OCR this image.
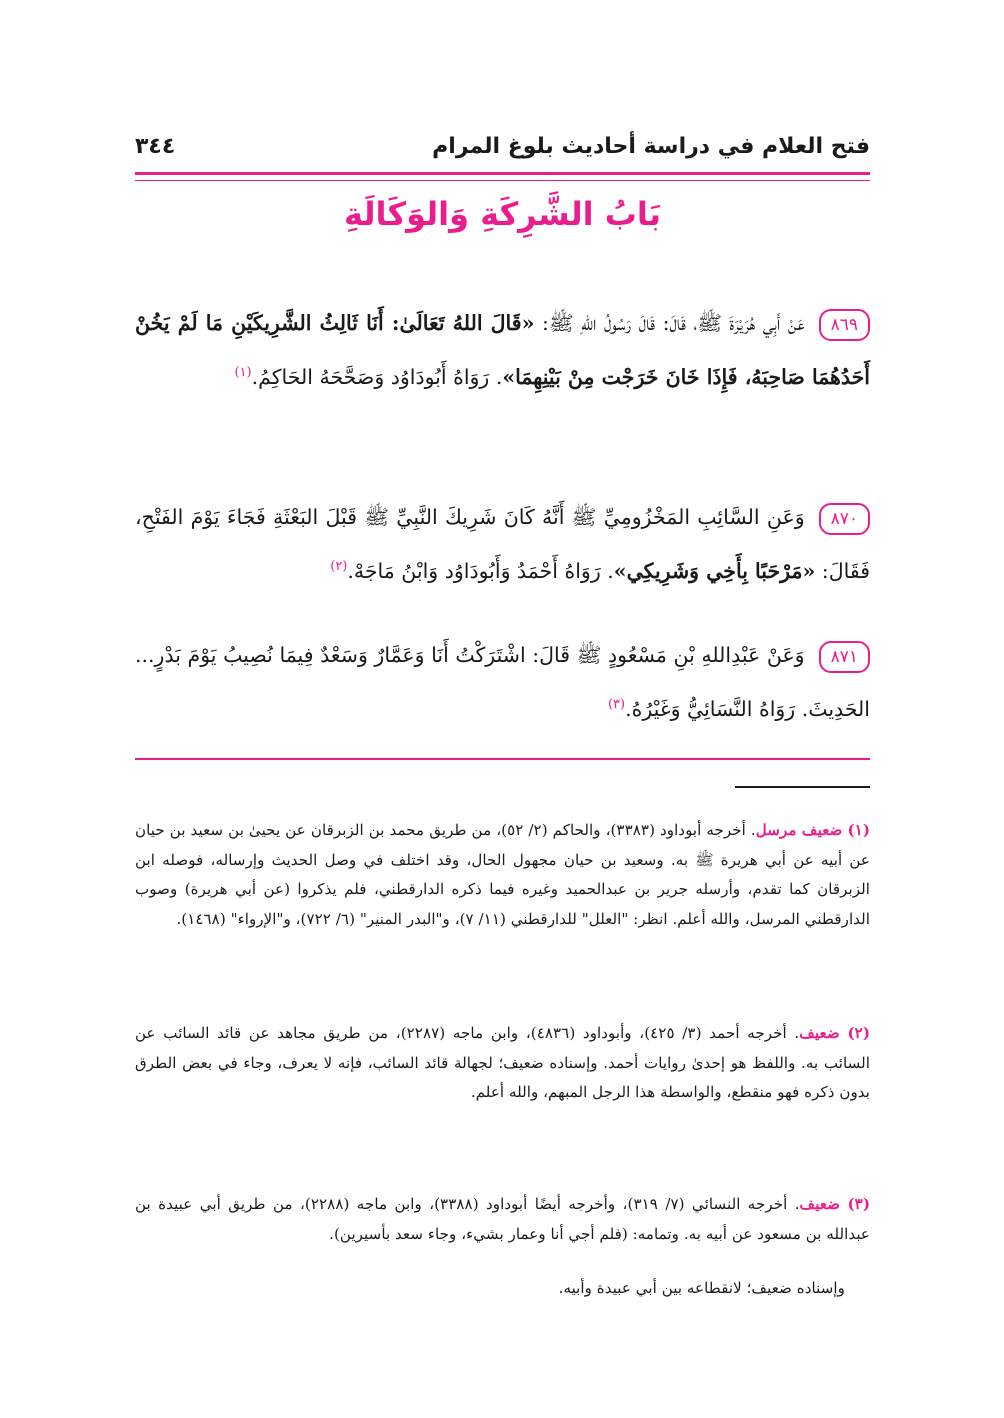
فتح العلام في دراسة أحاديث بلوغ المرام
٣٤٤
بَابُ الشَّرِكَةِ وَالوَكَالَةِ
٨٦٩عَنْ أَبِي هُرَيْرَةَ ﷺ، قَالَ: قَالَ رَسُولُ اللهِ ﷺ: «قَالَ اللهُ تَعَالَىٰ: أَنَا ثَالِثُ الشَّرِيكَيْنِ مَا لَمْ يَخُنْ أَحَدُهُمَا صَاحِبَهُ، فَإِذَا خَانَ خَرَجْت مِنْ بَيْنِهِمَا». رَوَاهُ أَبُودَاوُد وَصَحَّحَهُ الحَاكِمُ.$^{(١)}$
٨٧٠وَعَنِ السَّائِبِ المَخْزُومِيِّ ﷺ أَنَّهُ كَانَ شَرِيكَ النَّبِيِّ ﷺ قَبْلَ البَعْثَةِ فَجَاءَ يَوْمَ الفَتْحِ، فَقَالَ: «مَرْحَبًا بِأَخِي وَشَرِيكِي». رَوَاهُ أَحْمَدُ وَأَبُودَاوُد وَابْنُ مَاجَهْ.$^{(٢)}$
٨٧١وَعَنْ عَبْدِاللهِ بْنِ مَسْعُودٍ ﷺ قَالَ: اشْتَرَكْتُ أَنَا وَعَمَّارٌ وَسَعْدٌ فِيمَا نُصِيبُ يَوْمَ بَدْرٍ... الحَدِيثَ. رَوَاهُ النَّسَائِيُّ وَغَيْرُهُ.$^{(٣)}$
(١) ضعيف مرسل. أخرجه أبوداود (٣٣٨٣)، والحاكم (٢/ ٥٢)، من طريق محمد بن الزبرقان عن يحيىٰ بن سعيد بن حيان عن أبيه عن أبي هريرة ﷺ به. وسعيد بن حيان مجهول الحال، وقد اختلف في وصل الحديث وإرساله، فوصله ابن الزبرقان كما تقدم، وأرسله جرير بن عبدالحميد وغيره فيما ذكره الدارقطني، فلم يذكروا (عن أبي هريرة) وصوب الدارقطني المرسل، والله أعلم. انظر: "العلل" للدارقطني (١١/ ٧)، و"البدر المنير" (٦/ ٧٢٢)، و"الإرواء" (١٤٦٨).
(٢) ضعيف. أخرجه أحمد (٣/ ٤٢٥)، وأبوداود (٤٨٣٦)، وابن ماجه (٢٢٨٧)، من طريق مجاهد عن قائد السائب عن السائب به. واللفظ هو إحدىٰ روايات أحمد. وإسناده ضعيف؛ لجهالة قائد السائب، فإنه لا يعرف، وجاء في بعض الطرق بدون ذكره فهو منقطع، والواسطة هذا الرجل المبهم، والله أعلم.
(٣) ضعيف. أخرجه النسائي (٧/ ٣١٩)، وأخرجه أيضًا أبوداود (٣٣٨٨)، وابن ماجه (٢٢٨٨)، من طريق أبي عبيدة بن عبدالله بن مسعود عن أبيه به. وتمامه: (فلم أجي أنا وعمار بشيء، وجاء سعد بأسيرين).
وإسناده ضعيف؛ لانقطاعه بين أبي عبيدة وأبيه.
